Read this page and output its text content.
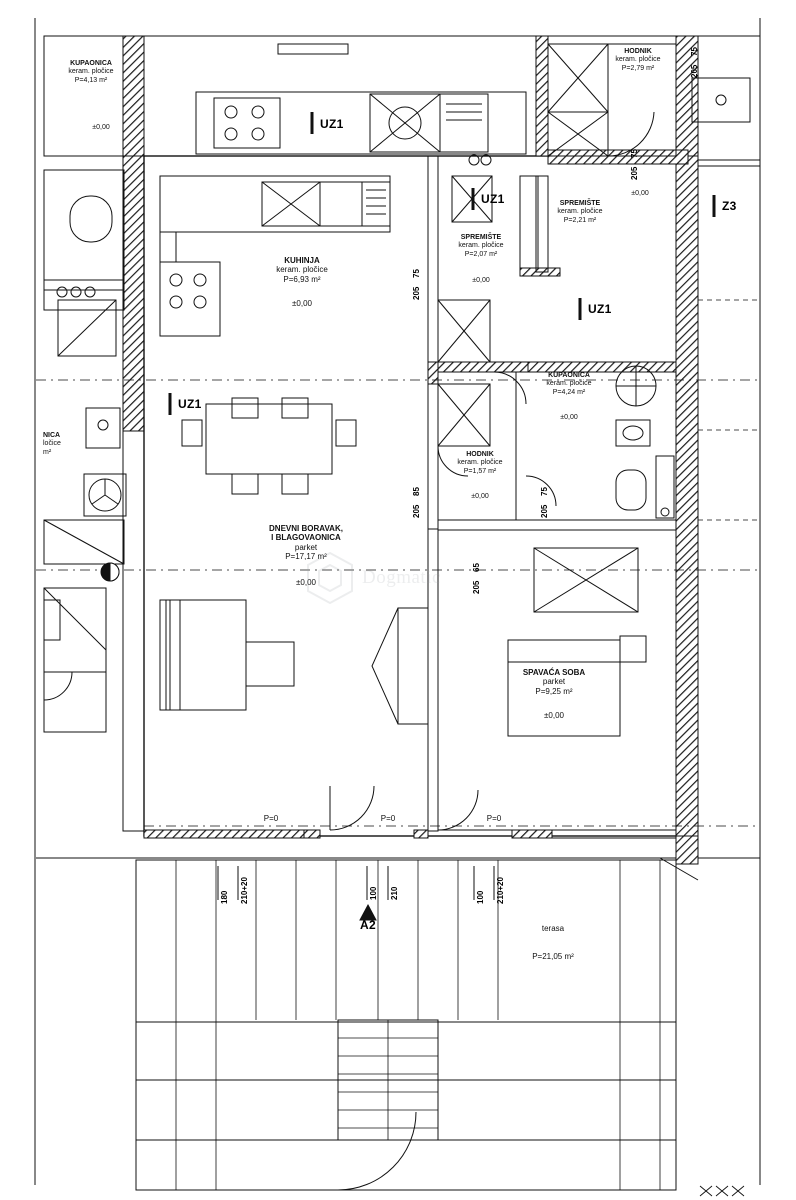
KUPAONICA
keram. pločice
P=4,13 m²
±0,00
HODNIK
keram. pločice
P=2,79 m²
±0,00
SPREMIŠTE
keram. pločice
P=2,21 m²
KUHINJA
keram. pločice
P=6,93 m²
±0,00
SPREMIŠTE
keram. pločice
P=2,07 m²
±0,00
KUPAONICA
keram. pločice
P=4,24 m²
±0,00
HODNIK
keram. pločice
P=1,57 m²
±0,00
DNEVNI BORAVAK,
I BLAGOVAONICA
parket
P=17,17 m²
±0,00
SPAVAĆA SOBA
parket
P=9,25 m²
±0,00
terasa
P=21,05 m²
NICA
ločice
m²
UZ1
UZ1
UZ1
UZ1
Z3
A2
75
205
75
205
85
205
75
205
65
205
75
205
180 210+20	100 210	100 210+20
P=0	P=0	P=0
Dogmatic
